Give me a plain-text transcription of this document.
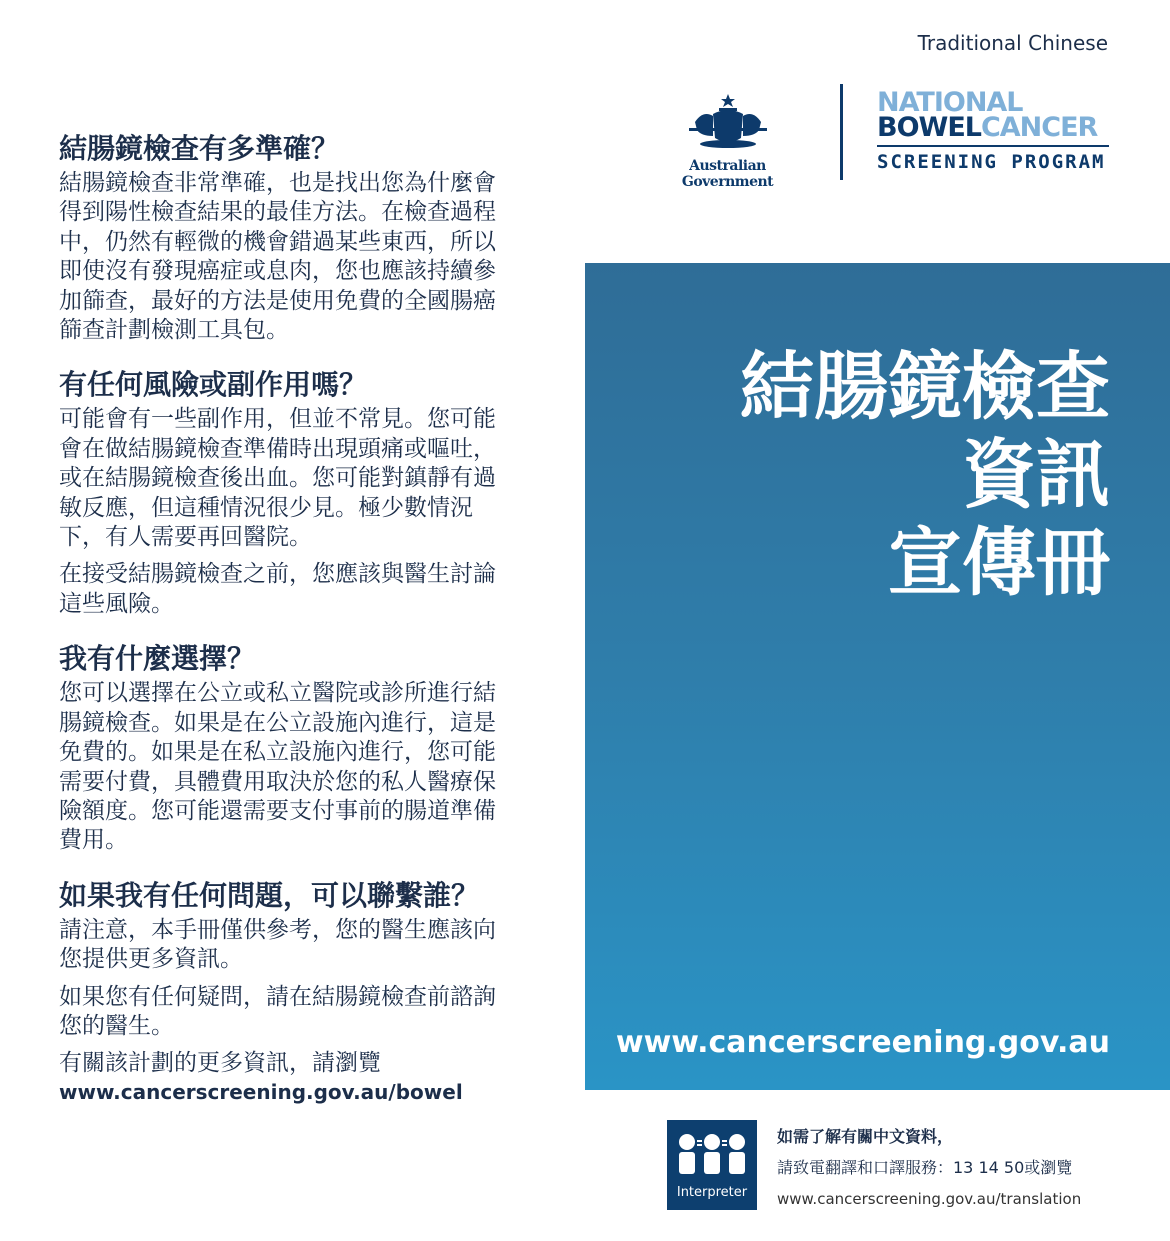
Traditional Chinese
Australian Government
NATIONAL
BOWELCANCER
SCREENING PROGRAM
結腸鏡檢查有多準確？
結腸鏡檢查非常準確，也是找出您為什麼會
得到陽性檢查結果的最佳方法。在檢查過程
中，仍然有輕微的機會錯過某些東西，所以
即使沒有發現癌症或息肉，您也應該持續參
加篩查，最好的方法是使用免費的全國腸癌
篩查計劃檢測工具包。
有任何風險或副作用嗎？
可能會有一些副作用，但並不常見。您可能
會在做結腸鏡檢查準備時出現頭痛或嘔吐，
或在結腸鏡檢查後出血。您可能對鎮靜有過
敏反應，但這種情況很少見。極少數情況
下，有人需要再回醫院。
在接受結腸鏡檢查之前，您應該與醫生討論
這些風險。
我有什麼選擇？
您可以選擇在公立或私立醫院或診所進行結
腸鏡檢查。如果是在公立設施內進行，這是
免費的。如果是在私立設施內進行，您可能
需要付費，具體費用取決於您的私人醫療保
險額度。您可能還需要支付事前的腸道準備
費用。
如果我有任何問題，可以聯繫誰？
請注意，本手冊僅供參考，您的醫生應該向
您提供更多資訊。
如果您有任何疑問，請在結腸鏡檢查前諮詢
您的醫生。
有關該計劃的更多資訊，請瀏覽
www.cancerscreening.gov.au/bowel
結腸鏡檢查
資訊
宣傳冊
www.cancerscreening.gov.au
Interpreter
如需了解有關中文資料，
請致電翻譯和口譯服務：13 14 50或瀏覽
www.cancerscreening.gov.au/translation
